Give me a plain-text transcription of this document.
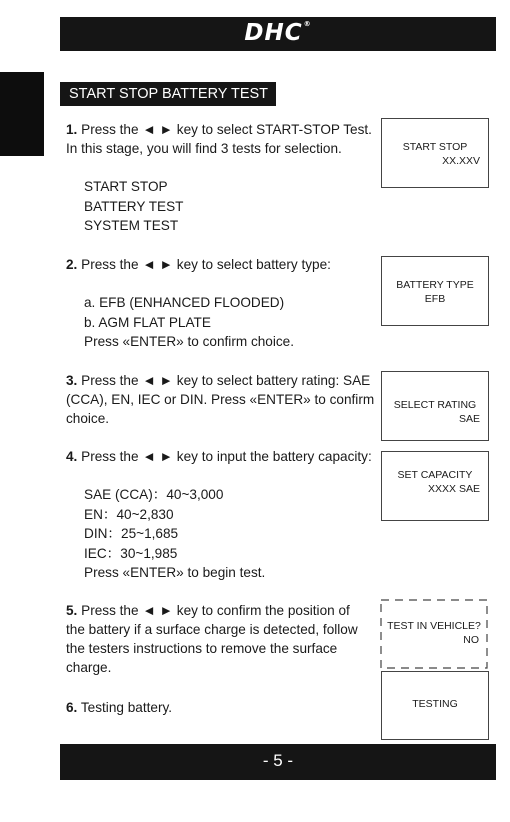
DHC®
START STOP BATTERY TEST
1. Press the ◄ ► key to select START-STOP Test. In this stage, you will find 3 tests for selection.
START STOP
BATTERY TEST
SYSTEM TEST
2. Press the ◄ ► key to select battery type:
a. EFB (ENHANCED FLOODED)
b. AGM FLAT PLATE
Press «ENTER» to confirm choice.
3. Press the ◄ ► key to select battery rating: SAE (CCA), EN, IEC or DIN. Press «ENTER» to confirm choice.
4. Press the ◄ ► key to input the battery capacity:
SAE (CCA)：40~3,000
EN：40~2,830
DIN：25~1,685
IEC：30~1,985
Press «ENTER» to begin test.
5. Press the ◄ ► key to confirm the position of the battery if a surface charge is detected, follow the testers instructions to remove the surface charge.
6. Testing battery.
START STOP
XX.XXV
BATTERY TYPE
EFB
SELECT RATING
SAE
SET CAPACITY
XXXX SAE
TEST IN VEHICLE?
NO
TESTING
- 5 -
